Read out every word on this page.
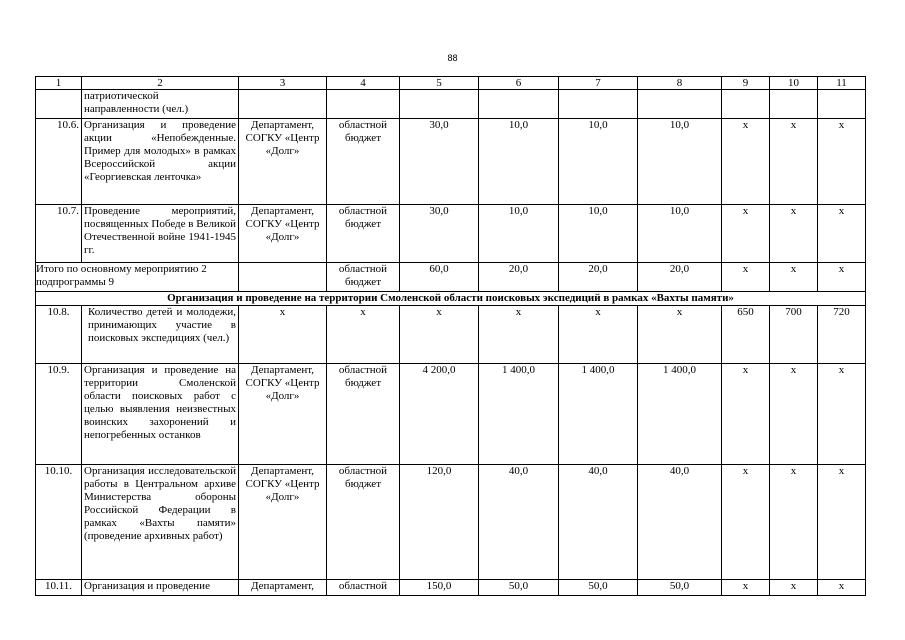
88
1	2	3	4	5	6	7	8	9	10	11
	патриотической направленности (чел.)									
10.6.	Организация и проведение акции «Непобежденные. Пример для молодых» в рамках Всероссийской акции «Георгиевская ленточка»	Департамент, СОГКУ «Центр «Долг»	областной бюджет	30,0	10,0	10,0	10,0	x	x	x
10.7.	Проведение мероприятий, посвященных Победе в Великой Отечественной войне 1941-1945 гг.	Департамент, СОГКУ «Центр «Долг»	областной бюджет	30,0	10,0	10,0	10,0	x	x	x
Итого по основному мероприятию 2 подпрограммы 9			областной бюджет	60,0	20,0	20,0	20,0	x	x	x
Организация и проведение на территории Смоленской области поисковых экспедиций в рамках «Вахты памяти»										
10.8.	Количество детей и молодежи, принимающих участие в поисковых экспедициях (чел.)	x	x	x	x	x	x	650	700	720
10.9.	Организация и проведение на территории Смоленской области поисковых работ с целью выявления неизвестных воинских захоронений и непогребенных останков	Департамент, СОГКУ «Центр «Долг»	областной бюджет	4 200,0	1 400,0	1 400,0	1 400,0	x	x	x
10.10.	Организация исследовательской работы в Центральном архиве Министерства обороны Российской Федерации в рамках «Вахты памяти» (проведение архивных работ)	Департамент, СОГКУ «Центр «Долг»	областной бюджет	120,0	40,0	40,0	40,0	x	x	x
10.11.	Организация и проведение	Департамент,	областной	150,0	50,0	50,0	50,0	x	x	x
